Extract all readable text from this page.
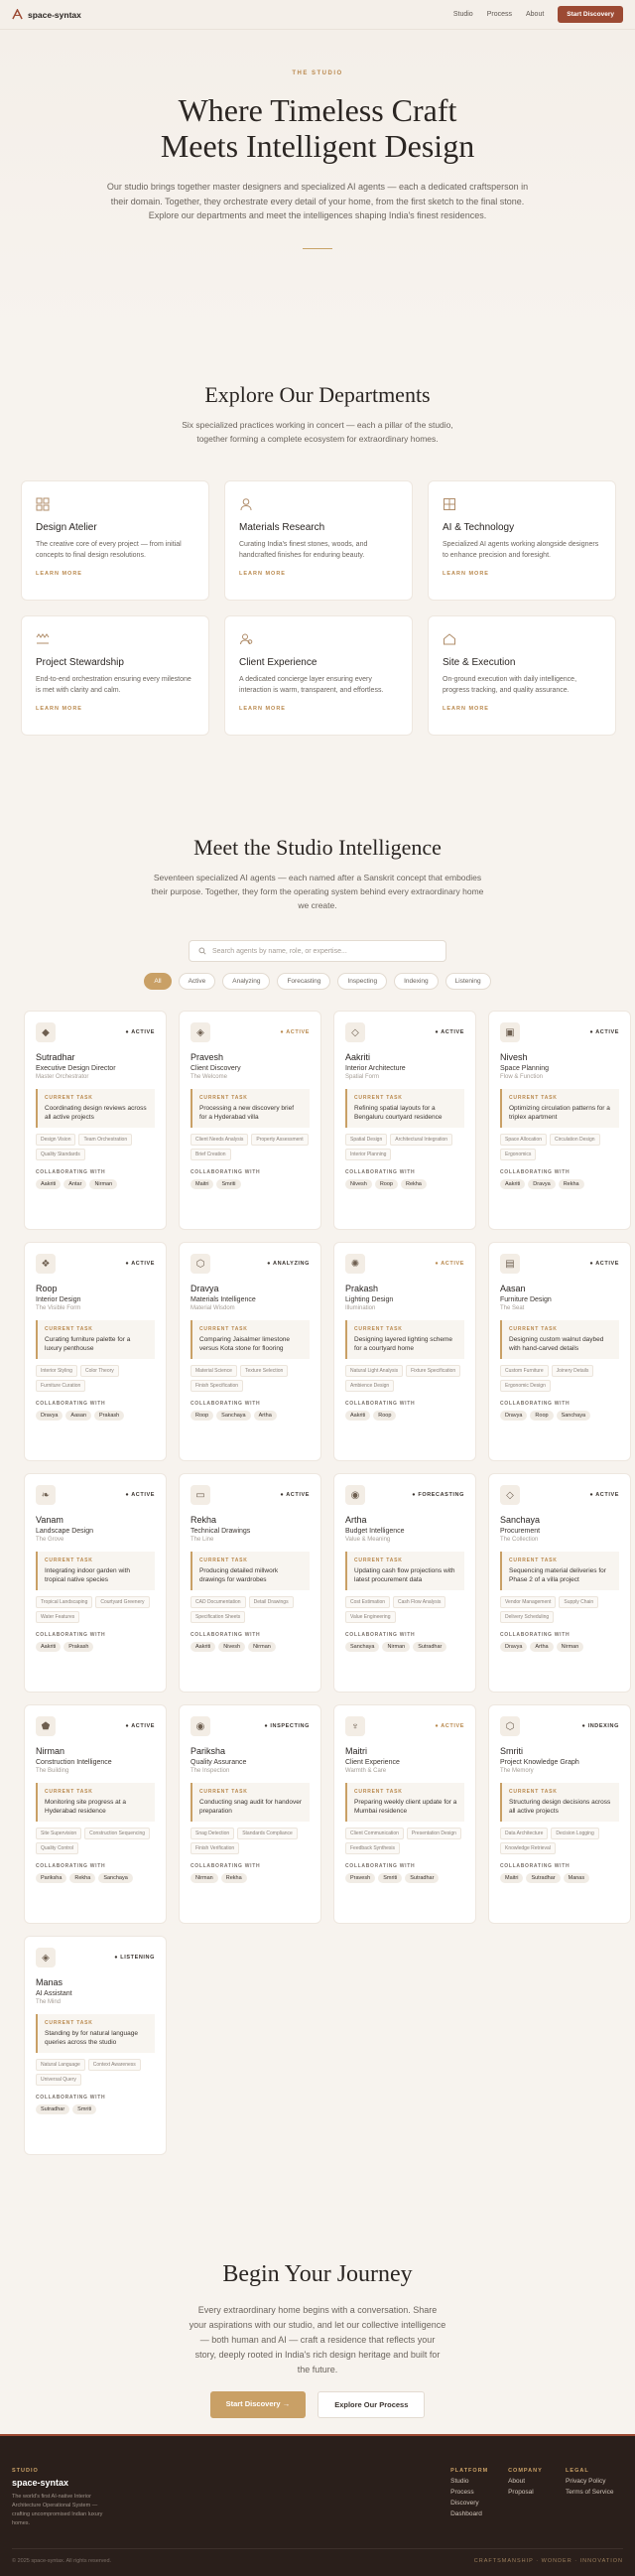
space-syntax	Studio Process About	Start Discovery
THE STUDIO
Where Timeless Craft
Meets Intelligent Design

Our studio brings together master designers and specialized AI agents — each a dedicated craftsperson in their domain. Together, they orchestrate every detail of your home, from the first sketch to the final stone. Explore our departments and meet the intelligences shaping India's finest residences.

Explore Our Departments

Six specialized practices working in concert — each a pillar of the studio, together forming a complete ecosystem for extraordinary homes.

Design Atelier

The creative core of every project — from initial concepts to final design resolutions.

LEARN MORE
Materials Research

Curating India's finest stones, woods, and handcrafted finishes for enduring beauty.

LEARN MORE
AI & Technology

Specialized AI agents working alongside designers to enhance precision and foresight.

LEARN MORE
Project Stewardship

End-to-end orchestration ensuring every milestone is met with clarity and calm.

LEARN MORE
Client Experience

A dedicated concierge layer ensuring every interaction is warm, transparent, and effortless.

LEARN MORE
Site & Execution

On-ground execution with daily intelligence, progress tracking, and quality assurance.

LEARN MORE
Meet the Studio Intelligence

Seventeen specialized AI agents — each named after a Sanskrit concept that embodies their purpose. Together, they form the operating system behind every extraordinary home we create.

Search agents by name, role, or expertise...
All	Active	Analyzing	Forecasting	Inspecting	Indexing	Listening
◆	● ACTIVE
Sutradhar
Executive Design Director
Master Orchestrator
CURRENT TASK
Coordinating design reviews across all active projects
Design Vision	Team Orchestration
Quality Standards
COLLABORATING WITH
Aakriti	Antar	Nirman
◈	● ACTIVE
Pravesh
Client Discovery
The Welcome
CURRENT TASK
Processing a new discovery brief for a Hyderabad villa
Client Needs Analysis	Property Assessment
Brief Creation
COLLABORATING WITH
Maitri	Smriti
◇	● ACTIVE
Aakriti
Interior Architecture
Spatial Form
CURRENT TASK
Refining spatial layouts for a Bengaluru courtyard residence
Spatial Design	Architectural Integration
Interior Planning
COLLABORATING WITH
Nivesh	Roop	Rekha
▣	● ACTIVE
Nivesh
Space Planning
Flow & Function
CURRENT TASK
Optimizing circulation patterns for a triplex apartment
Space Allocation	Circulation Design
Ergonomics
COLLABORATING WITH
Aakriti	Dravya	Rekha
❖	● ACTIVE
Roop
Interior Design
The Visible Form
CURRENT TASK
Curating furniture palette for a luxury penthouse
Interior Styling	Color Theory
Furniture Curation
COLLABORATING WITH
Dravya	Aasan	Prakash
⬡	● ANALYZING
Dravya
Materials Intelligence
Material Wisdom
CURRENT TASK
Comparing Jaisalmer limestone versus Kota stone for flooring
Material Science	Texture Selection
Finish Specification
COLLABORATING WITH
Roop	Sanchaya	Artha
✺	● ACTIVE
Prakash
Lighting Design
Illumination
CURRENT TASK
Designing layered lighting scheme for a courtyard home
Natural Light Analysis	Fixture Specification
Ambience Design
COLLABORATING WITH
Aakriti	Roop
▤	● ACTIVE
Aasan
Furniture Design
The Seat
CURRENT TASK
Designing custom walnut daybed with hand-carved details
Custom Furniture	Joinery Details
Ergonomic Design
COLLABORATING WITH
Dravya	Roop	Sanchaya
❧	● ACTIVE
Vanam
Landscape Design
The Grove
CURRENT TASK
Integrating indoor garden with tropical native species
Tropical Landscaping	Courtyard Greenery
Water Features
COLLABORATING WITH
Aakriti	Prakash
▭	● ACTIVE
Rekha
Technical Drawings
The Line
CURRENT TASK
Producing detailed millwork drawings for wardrobes
CAD Documentation	Detail Drawings
Specification Sheets
COLLABORATING WITH
Aakriti	Nivesh	Nirman
◉	● FORECASTING
Artha
Budget Intelligence
Value & Meaning
CURRENT TASK
Updating cash flow projections with latest procurement data
Cost Estimation	Cash Flow Analysis
Value Engineering
COLLABORATING WITH
Sanchaya	Nirman	Sutradhar
◇	● ACTIVE
Sanchaya
Procurement
The Collection
CURRENT TASK
Sequencing material deliveries for Phase 2 of a villa project
Vendor Management	Supply Chain
Delivery Scheduling
COLLABORATING WITH
Dravya	Artha	Nirman
⬟	● ACTIVE
Nirman
Construction Intelligence
The Building
CURRENT TASK
Monitoring site progress at a Hyderabad residence
Site Supervision	Construction Sequencing
Quality Control
COLLABORATING WITH
Pariksha	Rekha	Sanchaya
◉	● INSPECTING
Pariksha
Quality Assurance
The Inspection
CURRENT TASK
Conducting snag audit for handover preparation
Snag Detection	Standards Compliance
Finish Verification
COLLABORATING WITH
Nirman	Rekha
♆	● ACTIVE
Maitri
Client Experience
Warmth & Care
CURRENT TASK
Preparing weekly client update for a Mumbai residence
Client Communication	Presentation Design
Feedback Synthesis
COLLABORATING WITH
Pravesh	Smriti	Sutradhar
⬡	● INDEXING
Smriti
Project Knowledge Graph
The Memory
CURRENT TASK
Structuring design decisions across all active projects
Data Architecture	Decision Logging
Knowledge Retrieval
COLLABORATING WITH
Maitri	Sutradhar	Manas
◈	● LISTENING
Manas
AI Assistant
The Mind
CURRENT TASK
Standing by for natural language queries across the studio
Natural Language	Context Awareness
Universal Query
COLLABORATING WITH
Sutradhar	Smriti
Begin Your Journey

Every extraordinary home begins with a conversation. Share your aspirations with our studio, and let our collective intelligence — both human and AI — craft a residence that reflects your story, deeply rooted in India's rich design heritage and built for the future.

Start Discovery →	Explore Our Process
STUDIO
space-syntax

The world's first AI-native Interior Architecture Operational System — crafting uncompromised Indian luxury homes.

PLATFORM
Studio
Process
Discovery
Dashboard
COMPANY
About
Proposal
LEGAL
Privacy Policy
Terms of Service
© 2025 space-syntax. All rights reserved.	CRAFTSMANSHIP · WONDER · INNOVATION
